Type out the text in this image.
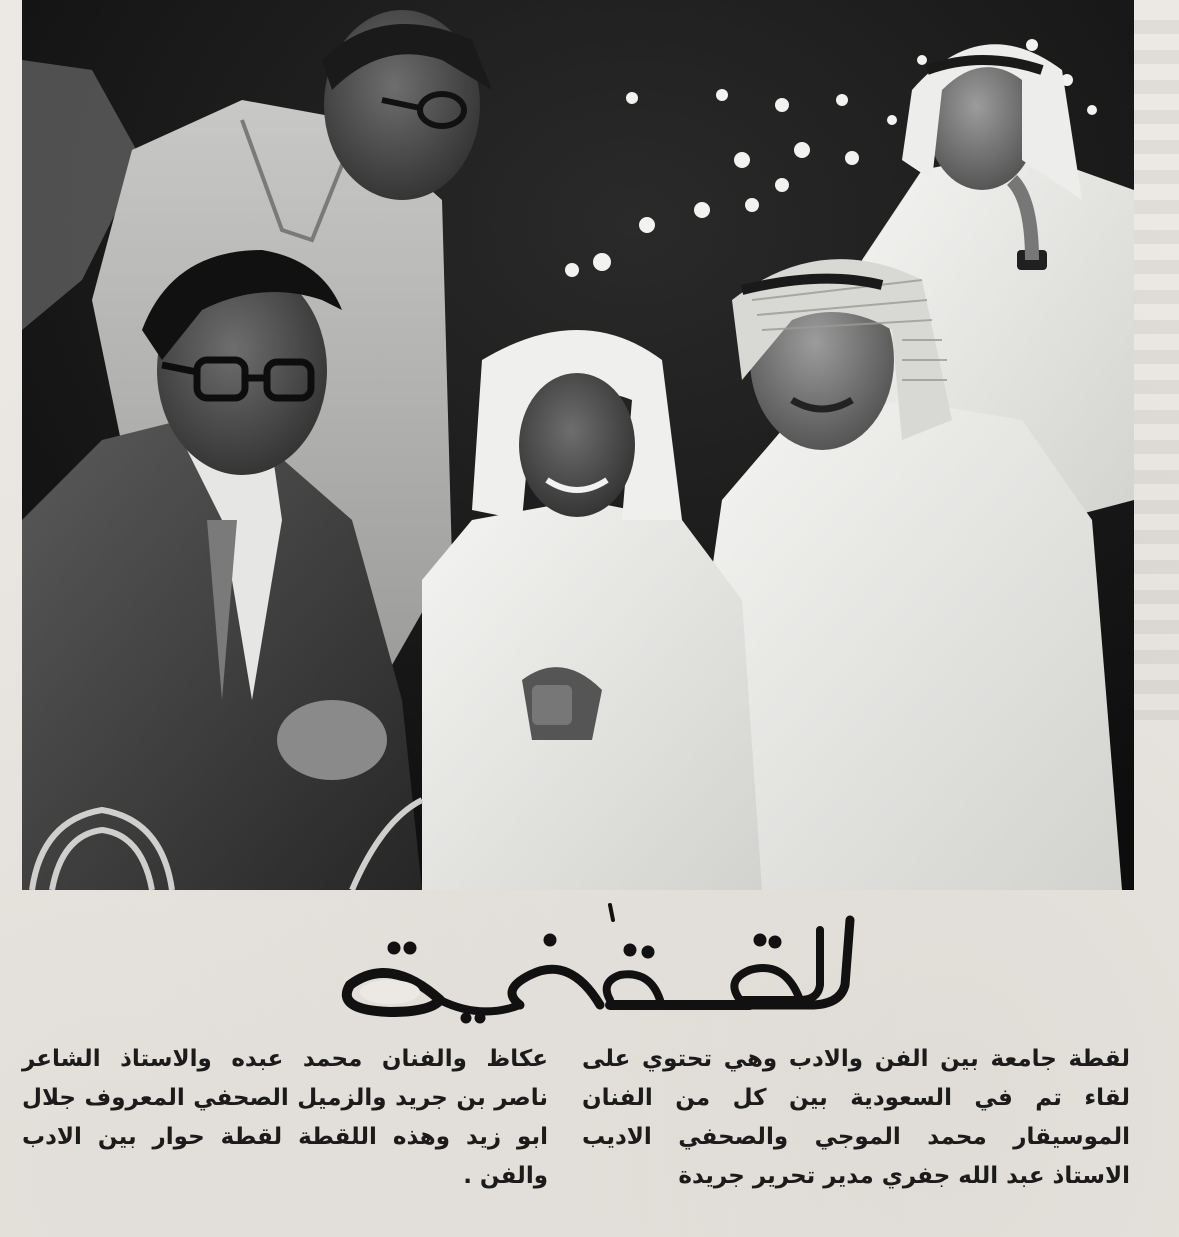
لقطة جامعة بين الفن والادب وهي تحتوي على لقاء تم في السعودية بين كل من الفنان الموسيقار محمد الموجي والصحفي الاديب الاستاذ عبد الله جفري مدير تحرير جريدة

عكاظ والفنان محمد عبده والاستاذ الشاعر ناصر بن جريد والزميل الصحفي المعروف جلال ابو زيد وهذه اللقطة لقطة حوار بين الادب والفن .
